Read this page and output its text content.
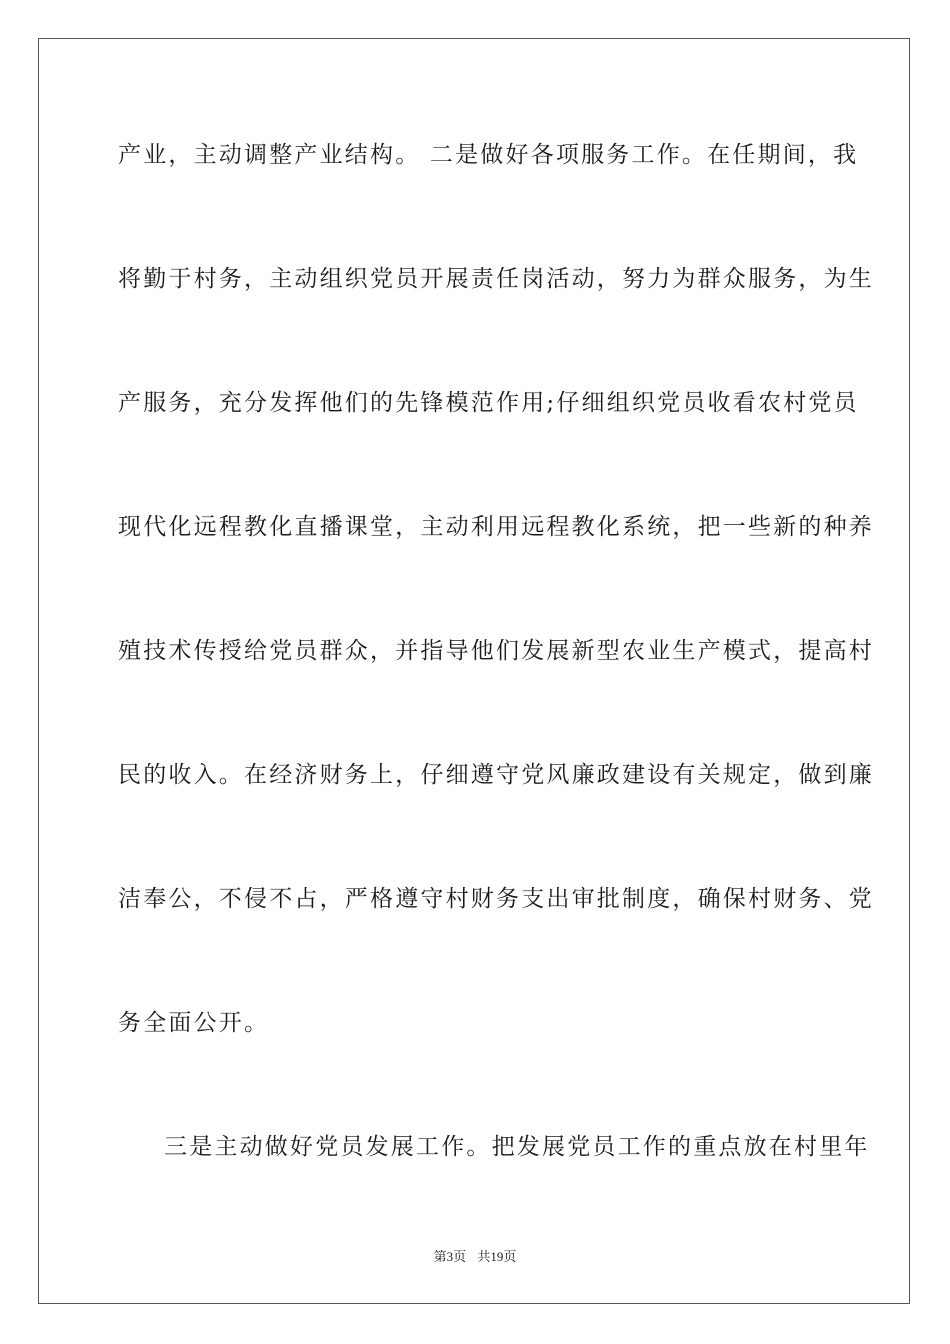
产业，主动调整产业结构。 二是做好各项服务工作。在任期间，我
将勤于村务，主动组织党员开展责任岗活动，努力为群众服务，为生
产服务，充分发挥他们的先锋模范作用;仔细组织党员收看农村党员
现代化远程教化直播课堂，主动利用远程教化系统，把一些新的种养
殖技术传授给党员群众，并指导他们发展新型农业生产模式，提高村
民的收入。在经济财务上，仔细遵守党风廉政建设有关规定，做到廉
洁奉公，不侵不占，严格遵守村财务支出审批制度，确保村财务、党
务全面公开。
三是主动做好党员发展工作。把发展党员工作的重点放在村里年
第3页 共19页
